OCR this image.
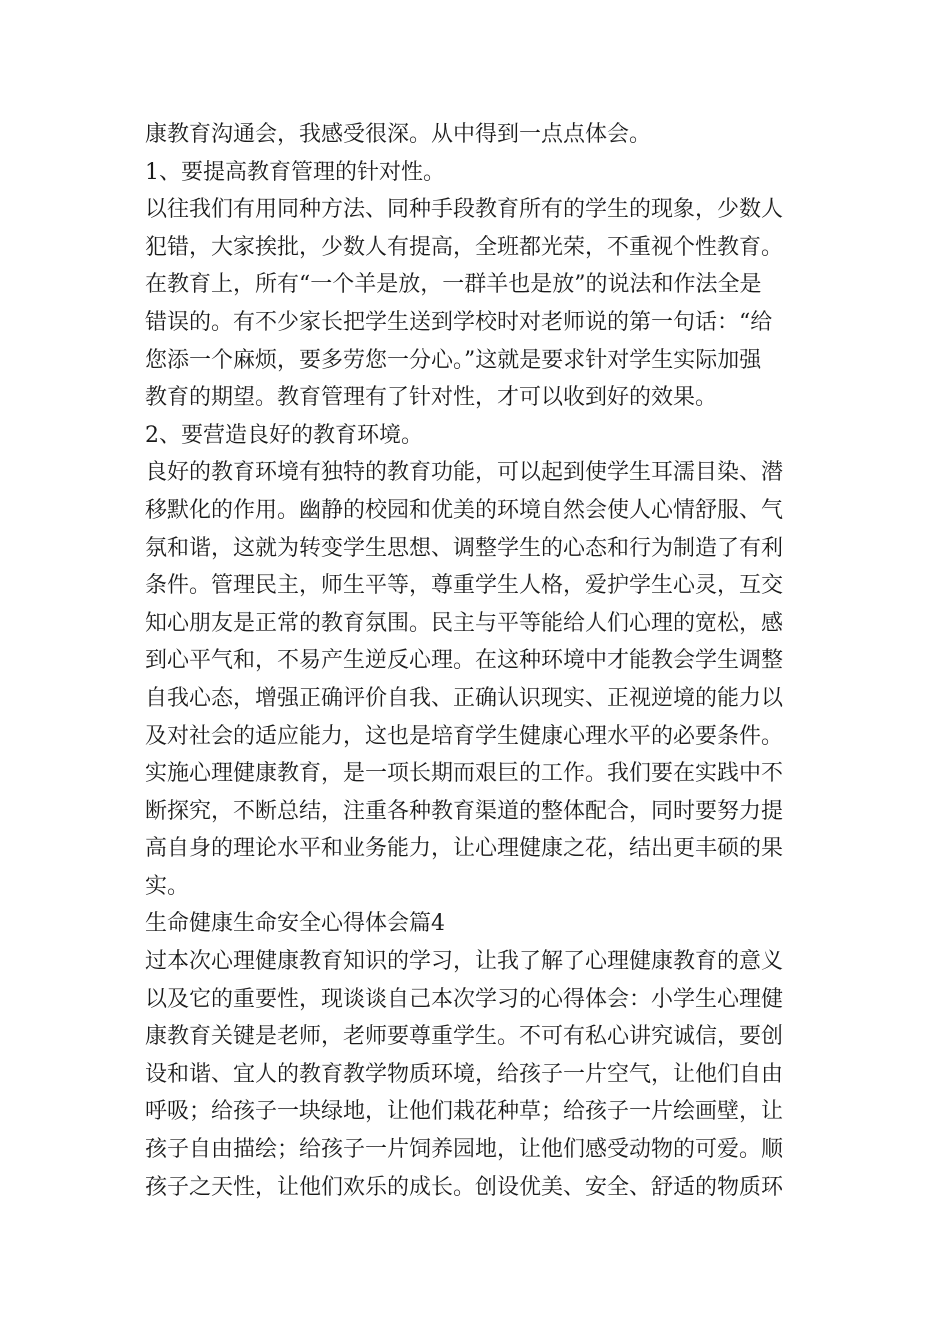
康教育沟通会，我感受很深。从中得到一点点体会。
1、要提高教育管理的针对性。
以往我们有用同种方法、同种手段教育所有的学生的现象，少数人
犯错，大家挨批，少数人有提高，全班都光荣，不重视个性教育。
在教育上，所有“一个羊是放，一群羊也是放”的说法和作法全是
错误的。有不少家长把学生送到学校时对老师说的第一句话：“给
您添一个麻烦，要多劳您一分心。”这就是要求针对学生实际加强
教育的期望。教育管理有了针对性，才可以收到好的效果。
2、要营造良好的教育环境。
良好的教育环境有独特的教育功能，可以起到使学生耳濡目染、潜
移默化的作用。幽静的校园和优美的环境自然会使人心情舒服、气
氛和谐，这就为转变学生思想、调整学生的心态和行为制造了有利
条件。管理民主，师生平等，尊重学生人格，爱护学生心灵，互交
知心朋友是正常的教育氛围。民主与平等能给人们心理的宽松，感
到心平气和，不易产生逆反心理。在这种环境中才能教会学生调整
自我心态，增强正确评价自我、正确认识现实、正视逆境的能力以
及对社会的适应能力，这也是培育学生健康心理水平的必要条件。
实施心理健康教育，是一项长期而艰巨的工作。我们要在实践中不
断探究，不断总结，注重各种教育渠道的整体配合，同时要努力提
高自身的理论水平和业务能力，让心理健康之花，结出更丰硕的果
实。
生命健康生命安全心得体会篇4
过本次心理健康教育知识的学习，让我了解了心理健康教育的意义
以及它的重要性，现谈谈自己本次学习的心得体会：小学生心理健
康教育关键是老师，老师要尊重学生。不可有私心讲究诚信，要创
设和谐、宜人的教育教学物质环境，给孩子一片空气，让他们自由
呼吸；给孩子一块绿地，让他们栽花种草；给孩子一片绘画壁，让
孩子自由描绘；给孩子一片饲养园地，让他们感受动物的可爱。顺
孩子之天性，让他们欢乐的成长。创设优美、安全、舒适的物质环
